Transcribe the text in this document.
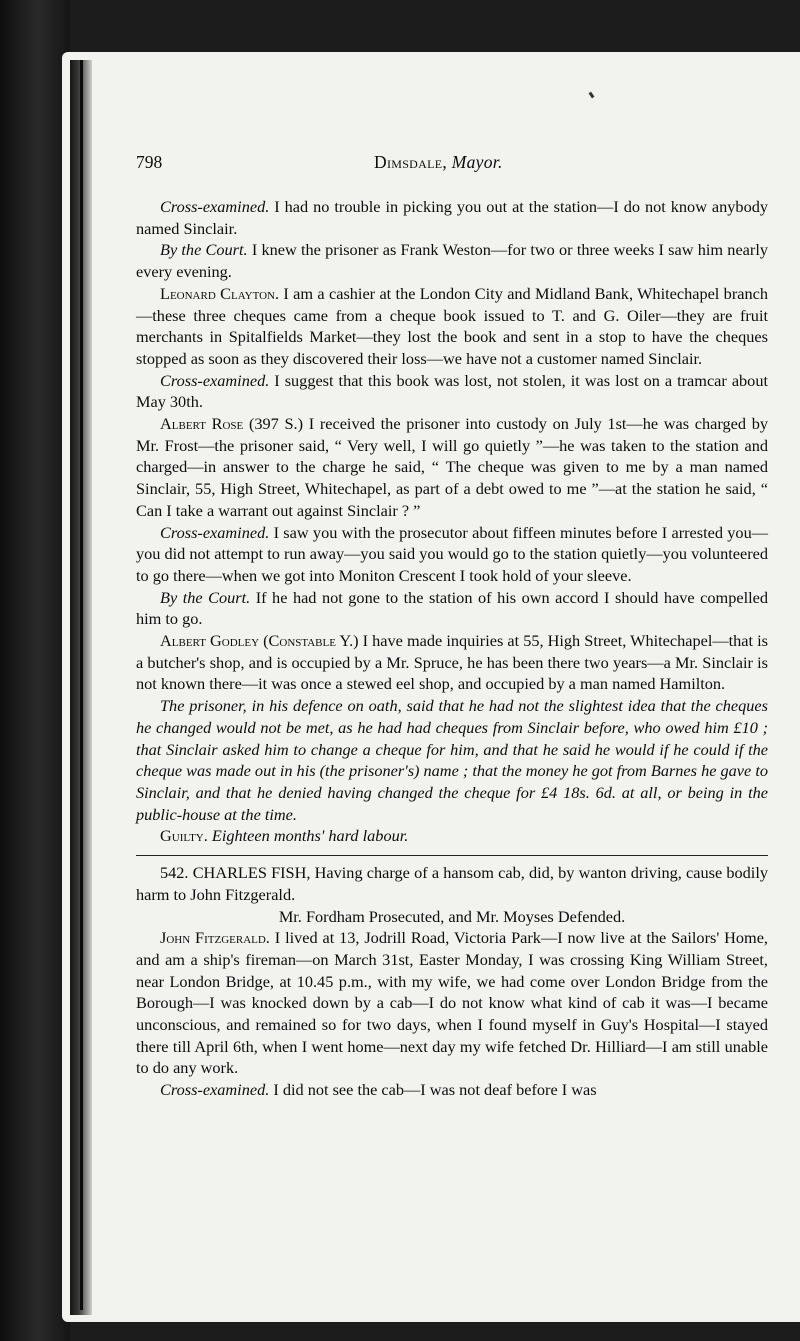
798	Dimsdale, Mayor.

Cross-examined. I had no trouble in picking you out at the station—I do not know anybody named Sinclair.

By the Court. I knew the prisoner as Frank Weston—for two or three weeks I saw him nearly every evening.

Leonard Clayton. I am a cashier at the London City and Midland Bank, Whitechapel branch—these three cheques came from a cheque book issued to T. and G. Oiler—they are fruit merchants in Spitalfields Market—they lost the book and sent in a stop to have the cheques stopped as soon as they discovered their loss—we have not a customer named Sinclair.

Cross-examined. I suggest that this book was lost, not stolen, it was lost on a tramcar about May 30th.

Albert Rose (397 S.) I received the prisoner into custody on July 1st—he was charged by Mr. Frost—the prisoner said, “ Very well, I will go quietly ”—he was taken to the station and charged—in answer to the charge he said, “ The cheque was given to me by a man named Sinclair, 55, High Street, Whitechapel, as part of a debt owed to me ”—at the station he said, “ Can I take a warrant out against Sinclair ? ”

Cross-examined. I saw you with the prosecutor about fiffeen minutes before I arrested you—you did not attempt to run away—you said you would go to the station quietly—you volunteered to go there—when we got into Moniton Crescent I took hold of your sleeve.

By the Court. If he had not gone to the station of his own accord I should have compelled him to go.

Albert Godley (Constable Y.) I have made inquiries at 55, High Street, Whitechapel—that is a butcher's shop, and is occupied by a Mr. Spruce, he has been there two years—a Mr. Sinclair is not known there—it was once a stewed eel shop, and occupied by a man named Hamilton.

The prisoner, in his defence on oath, said that he had not the slightest idea that the cheques he changed would not be met, as he had had cheques from Sinclair before, who owed him £10 ; that Sinclair asked him to change a cheque for him, and that he said he would if he could if the cheque was made out in his (the prisoner's) name ; that the money he got from Barnes he gave to Sinclair, and that he denied having changed the cheque for £4 18s. 6d. at all, or being in the public-house at the time.

Guilty. Eighteen months' hard labour.

542. CHARLES FISH, Having charge of a hansom cab, did, by wanton driving, cause bodily harm to John Fitzgerald.

Mr. Fordham Prosecuted, and Mr. Moyses Defended.

John Fitzgerald. I lived at 13, Jodrill Road, Victoria Park—I now live at the Sailors' Home, and am a ship's fireman—on March 31st, Easter Monday, I was crossing King William Street, near London Bridge, at 10.45 p.m., with my wife, we had come over London Bridge from the Borough—I was knocked down by a cab—I do not know what kind of cab it was—I became unconscious, and remained so for two days, when I found myself in Guy's Hospital—I stayed there till April 6th, when I went home—next day my wife fetched Dr. Hilliard—I am still unable to do any work.

Cross-examined. I did not see the cab—I was not deaf before I was
